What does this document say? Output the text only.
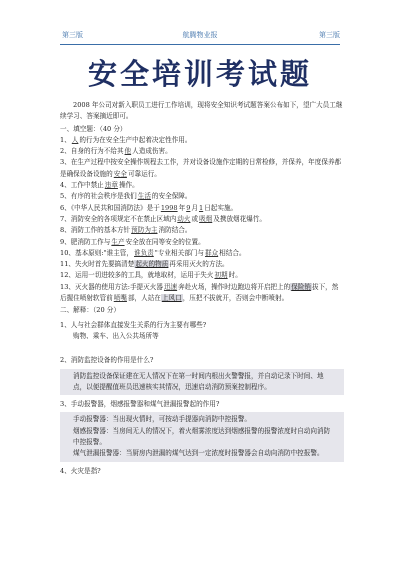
第三版	航腾物业报	第三版
安全培训考试题

2008 年公司对新入职员工进行工作培训，现将安全知识考试题答案公布如下，望广大员工继续学习、答案摘近即可。

一、填空题：（40 分）

1、人的行为在安全生产中起着决定性作用。

2、自身的行为不给其他人造成伤害。

3、在生产过程中按安全操作规程去工作，并对设备设施作定期的日常检修，并保养，年度保养都是确保设备设施的安全可靠运行。

4、工作中禁止违章操作。

5、有序的社会秩序是我们生活的安全保障。

6、《中华人民共和国消防法》是于1998年9月1日起实施。

7、消防安全的各项规定不在禁止区域内动火或吸烟及携放烟花爆竹。

8、消防工作的基本方针预防为主消防结合。

9、肥消防工作与生产安全放在同等安全的位置。

10、基本原则:"谁主管，谁负责"专业相关部门与群众相结合。

11、失火时首先要搞清楚起火的物质再采用灭火的方法。

12、运用一切进较多的工具，就地取材，运用于失火初期时。

13、灭火器的使用方法:手提灭火器迅速奔赴火场，操作时边跑边将开启把上的保险销拔下，然后握住喷射软管前喷嘴部，人站在上风口，压把不拔就开，否则会中断喷射。

二、解释：（20 分）

1、人与社会群体直接发生关系的行为主要有哪些?

购物、乘车、出入公共场所等

2、消防监控设备的作用是什么?

消防监控设备保证建在无人情况下在第一时间内根出火警警报，并自动记录下时间、地点，以便提醒值班员迅速核实其情况，迅速启动消防预案控制程序。

3、手动报警器，烟感报警器和煤气泄漏报警起的作用?

手动报警器：当出现火情时，可按动手提器向消防中控报警。

烟感报警器：当房间无人的情况下，着火烟雾浓度达到烟感报警的报警浓度时自动向消防中控报警。

煤气泄漏报警器：当厨房内泄漏的煤气达到一定浓度时报警器会自动向消防中控报警。

4、火灾是指?
